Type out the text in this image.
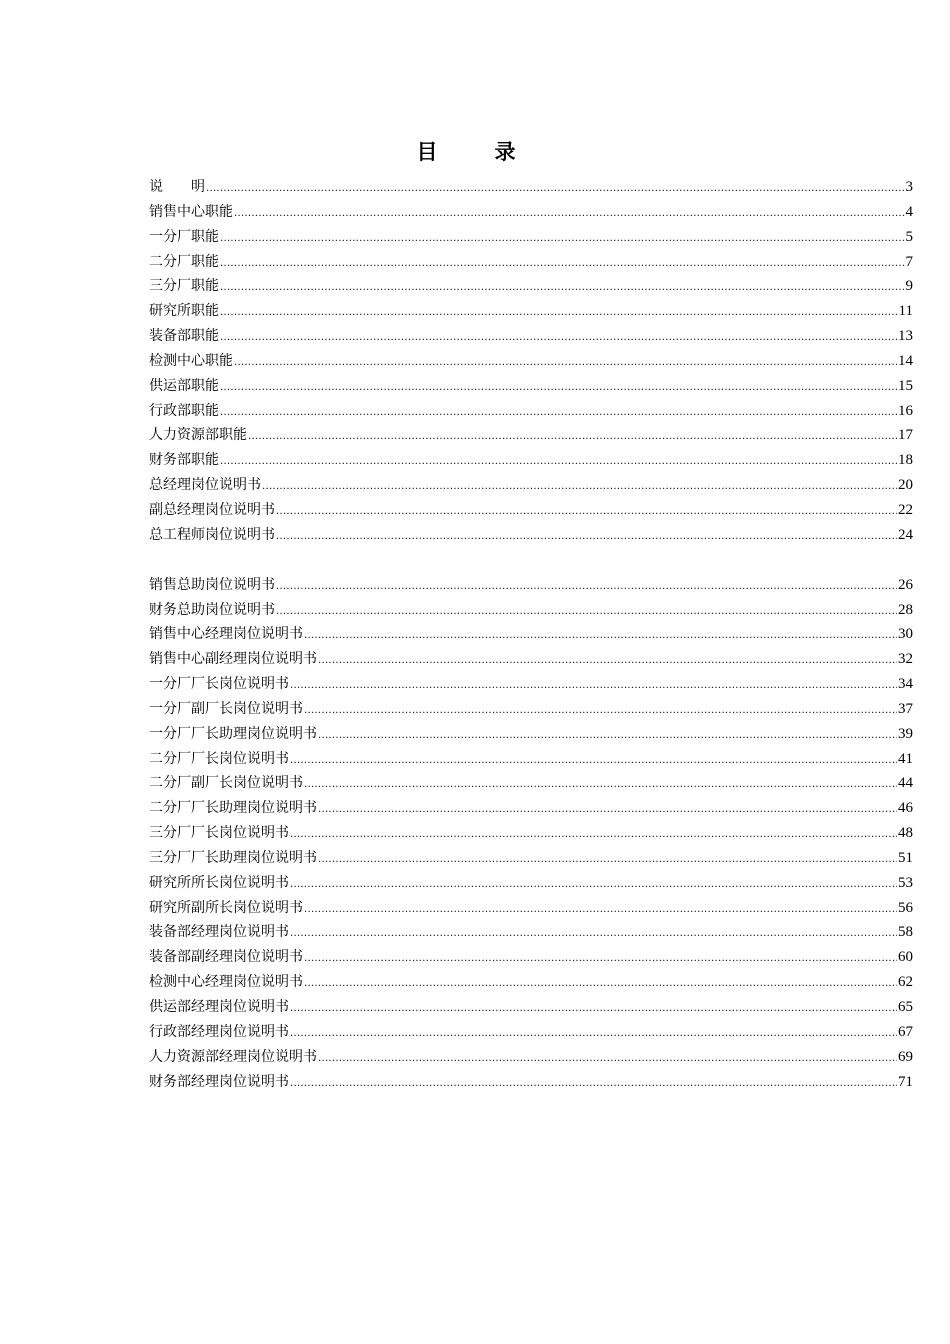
目　录
说　　明 .....	3
销售中心职能 .....	4
一分厂职能 .....	5
二分厂职能 .....	7
三分厂职能 .....	9
研究所职能 .....	11
装备部职能 .....	13
检测中心职能 .....	14
供运部职能 .....	15
行政部职能 .....	16
人力资源部职能 .....	17
财务部职能 .....	18
总经理岗位说明书 .....	20
副总经理岗位说明书 .....	22
总工程师岗位说明书 .....	24
销售总助岗位说明书 .....	26
财务总助岗位说明书 .....	28
销售中心经理岗位说明书 .....	30
销售中心副经理岗位说明书 .....	32
一分厂厂长岗位说明书 .....	34
一分厂副厂长岗位说明书 .....	37
一分厂厂长助理岗位说明书 .....	39
二分厂厂长岗位说明书 .....	41
二分厂副厂长岗位说明书 .....	44
二分厂厂长助理岗位说明书 .....	46
三分厂厂长岗位说明书 .....	48
三分厂厂长助理岗位说明书 .....	51
研究所所长岗位说明书 .....	53
研究所副所长岗位说明书 .....	56
装备部经理岗位说明书 .....	58
装备部副经理岗位说明书 .....	60
检测中心经理岗位说明书 .....	62
供运部经理岗位说明书 .....	65
行政部经理岗位说明书 .....	67
人力资源部经理岗位说明书 .....	69
财务部经理岗位说明书 .....	71
